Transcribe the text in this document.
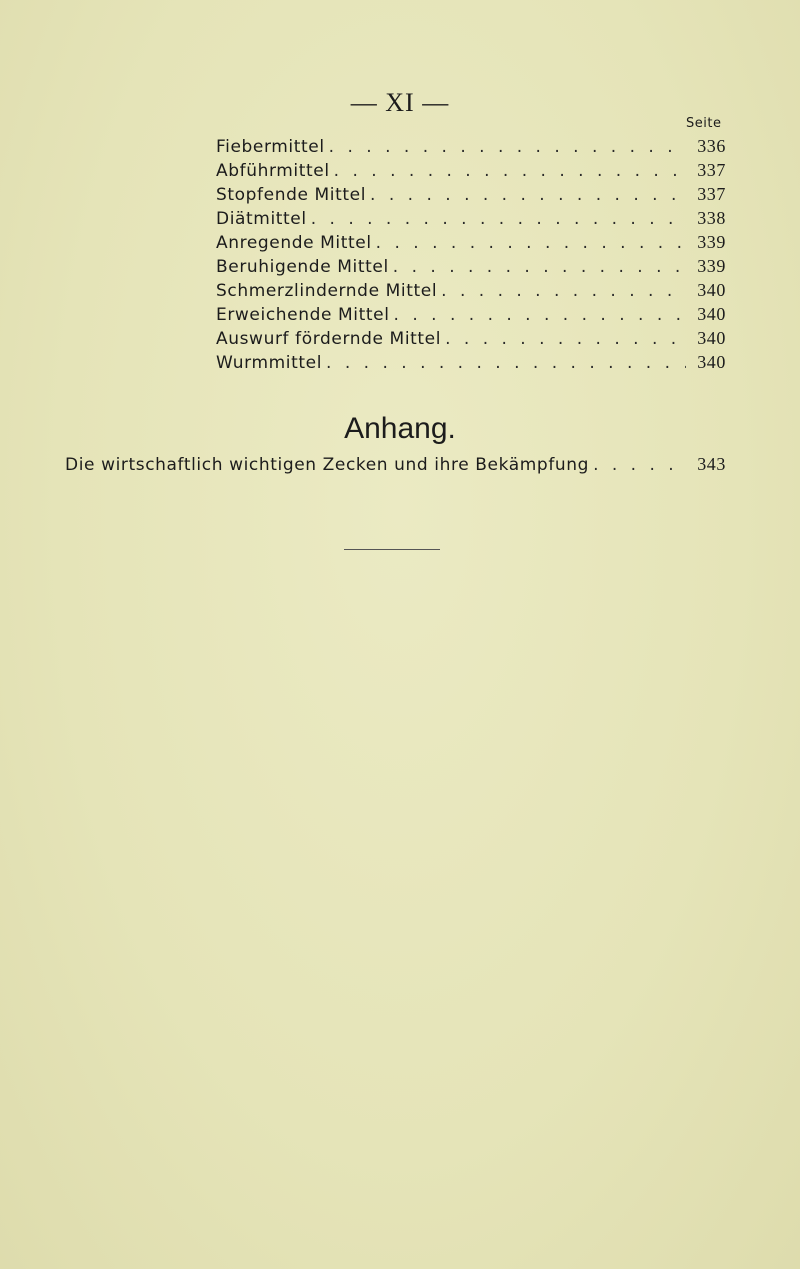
— XI —
Seite
Fiebermittel . . .	336
Abführmittel . . .	337
Stopfende Mittel . . .	337
Diätmittel . . .	338
Anregende Mittel . . .	339
Beruhigende Mittel . . .	339
Schmerzlindernde Mittel . . .	340
Erweichende Mittel . . .	340
Auswurf fördernde Mittel . . .	340
Wurmmittel . . .	340
Anhang.
Die wirtschaftlich wichtigen Zecken und ihre Bekämpfung . . .	343
